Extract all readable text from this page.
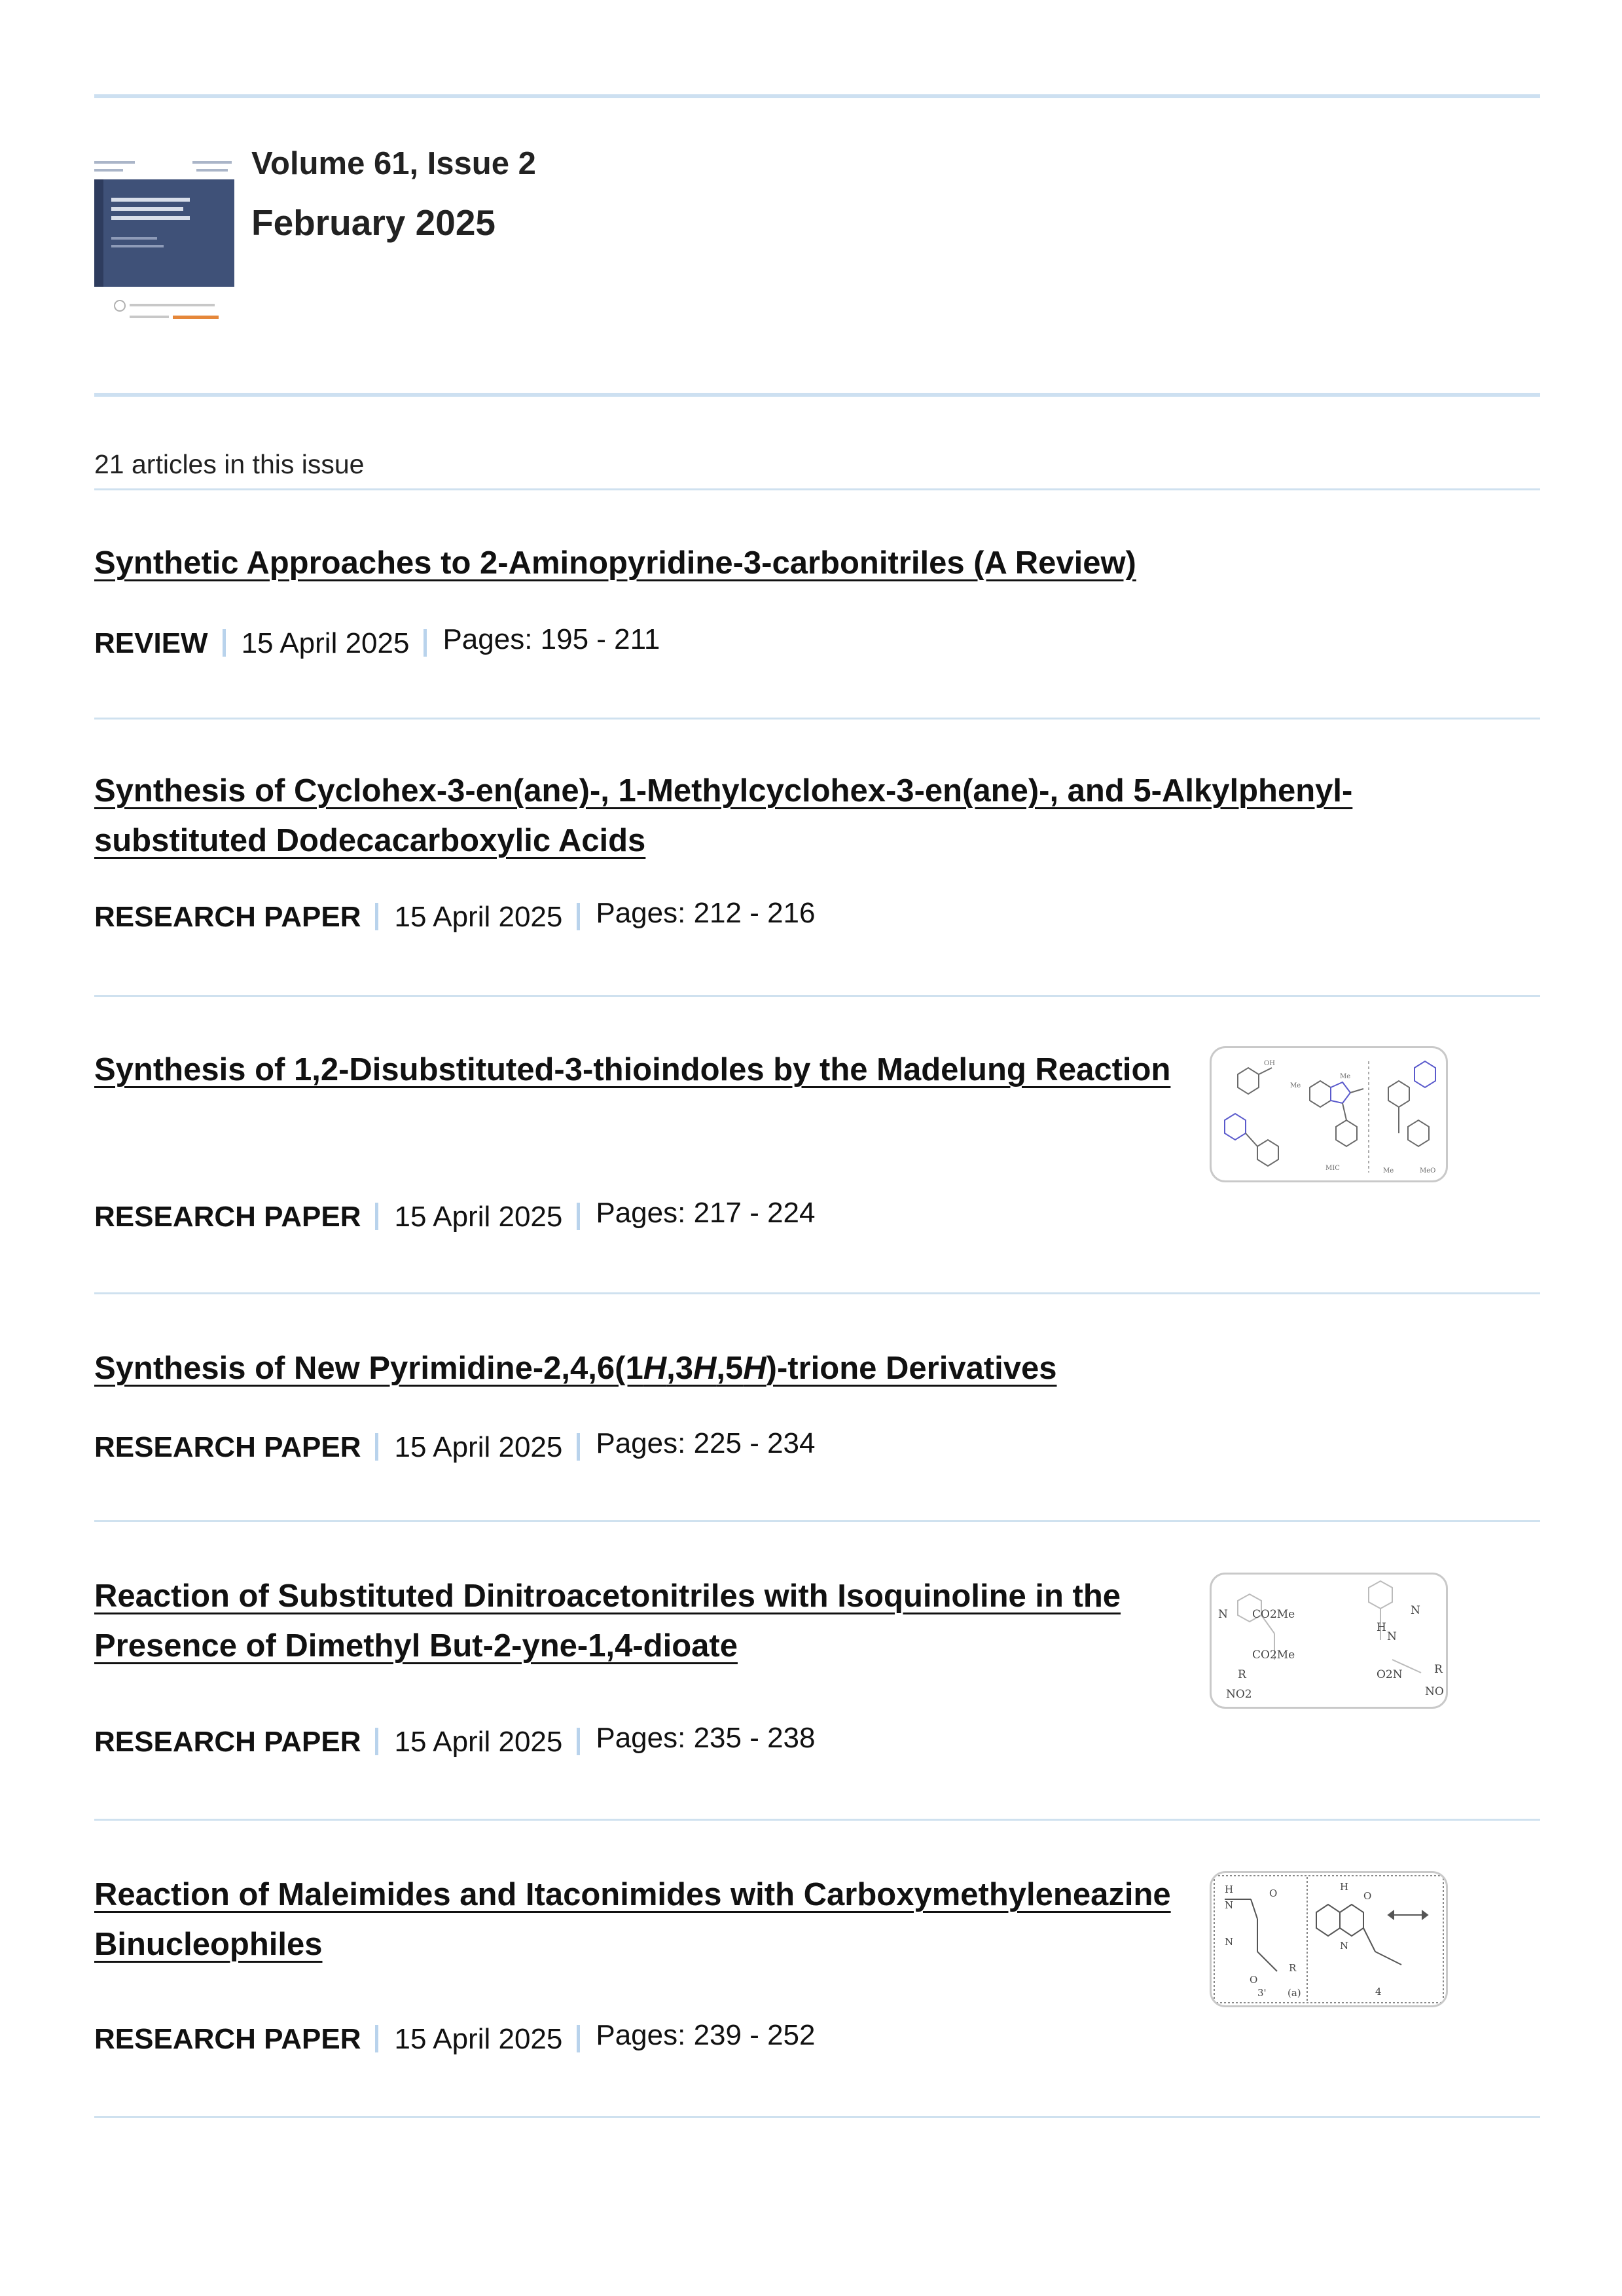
Volume 61, Issue 2
February 2025
21 articles in this issue
Synthetic Approaches to 2-Aminopyridine-3-carbonitriles (A Review)
REVIEW 15 April 2025 Pages: 195 - 211
Synthesis of Cyclohex-3-en(ane)-, 1-Methylcyclohex-3-en(ane)-, and 5-Alkylphenyl-substituted Dodecacarboxylic Acids
RESEARCH PAPER 15 April 2025 Pages: 212 - 216
Synthesis of 1,2-Disubstituted-3-thioindoles by the Madelung Reaction
RESEARCH PAPER 15 April 2025 Pages: 217 - 224
Me
Me
OH
MIC	Me	MeO
Synthesis of New Pyrimidine-2,4,6(1H,3H,5H)-trione Derivatives
RESEARCH PAPER 15 April 2025 Pages: 225 - 234
Reaction of Substituted Dinitroacetonitriles with Isoquinoline in the Presence of Dimethyl But-2-yne-1,4-dioate
RESEARCH PAPER 15 April 2025 Pages: 235 - 238
N CO2Me
CO2Me
R
NO2
H
N
N
O2N	R
NO
Reaction of Maleimides and Itaconimides with Carboxymethyleneazine Binucleophiles
RESEARCH PAPER 15 April 2025 Pages: 239 - 252
H
N
N
O
O
R
3' (a)
H
N
O
4
